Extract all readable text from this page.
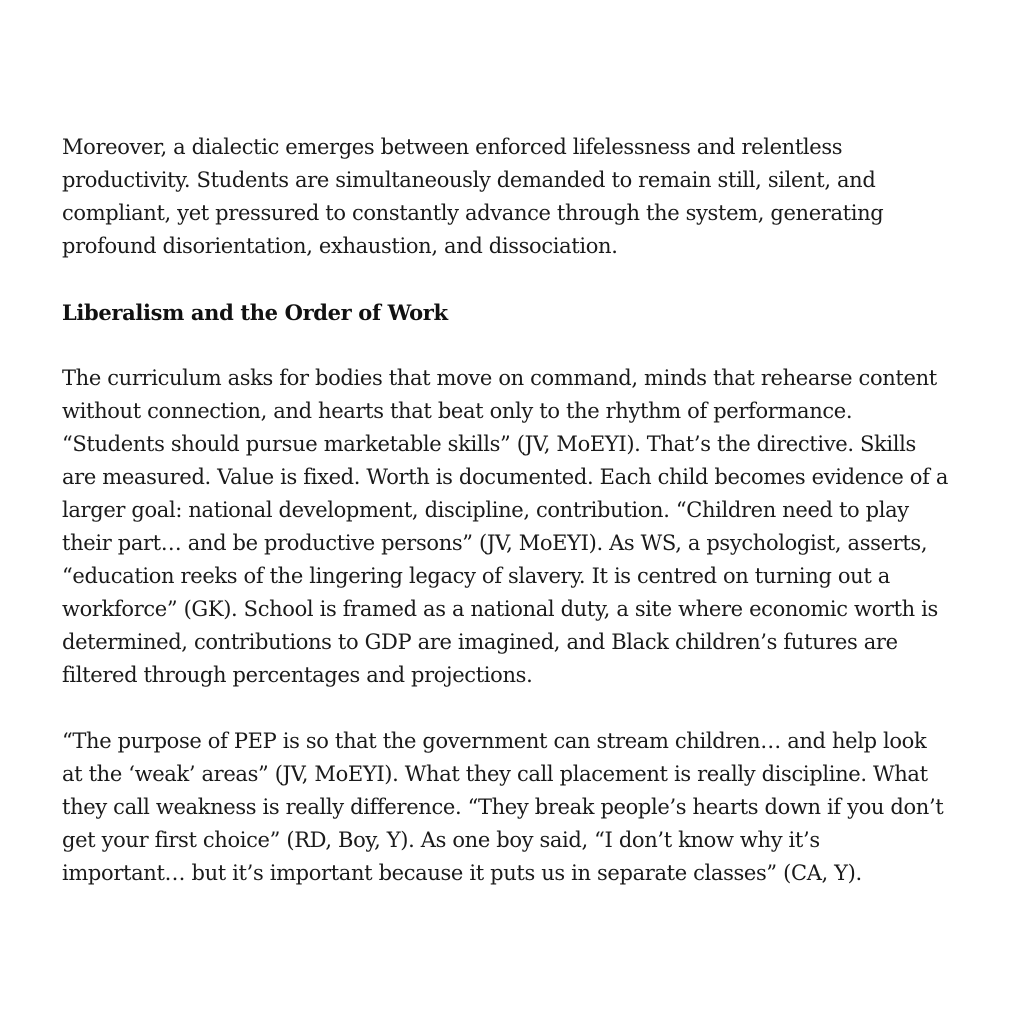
Moreover, a dialectic emerges between enforced lifelessness and relentless
productivity. Students are simultaneously demanded to remain still, silent, and
compliant, yet pressured to constantly advance through the system, generating
profound disorientation, exhaustion, and dissociation.

Liberalism and the Order of Work

The curriculum asks for bodies that move on command, minds that rehearse content
without connection, and hearts that beat only to the rhythm of performance.
“Students should pursue marketable skills” (JV, MoEYI). That’s the directive. Skills
are measured. Value is fixed. Worth is documented. Each child becomes evidence of a
larger goal: national development, discipline, contribution. “Children need to play
their part… and be productive persons” (JV, MoEYI). As WS, a psychologist, asserts,
“education reeks of the lingering legacy of slavery. It is centred on turning out a
workforce” (GK). School is framed as a national duty, a site where economic worth is
determined, contributions to GDP are imagined, and Black children’s futures are
filtered through percentages and projections.

“The purpose of PEP is so that the government can stream children… and help look
at the ‘weak’ areas” (JV, MoEYI). What they call placement is really discipline. What
they call weakness is really difference. “They break people’s hearts down if you don’t
get your first choice” (RD, Boy, Y). As one boy said, “I don’t know why it’s
important… but it’s important because it puts us in separate classes” (CA, Y).
